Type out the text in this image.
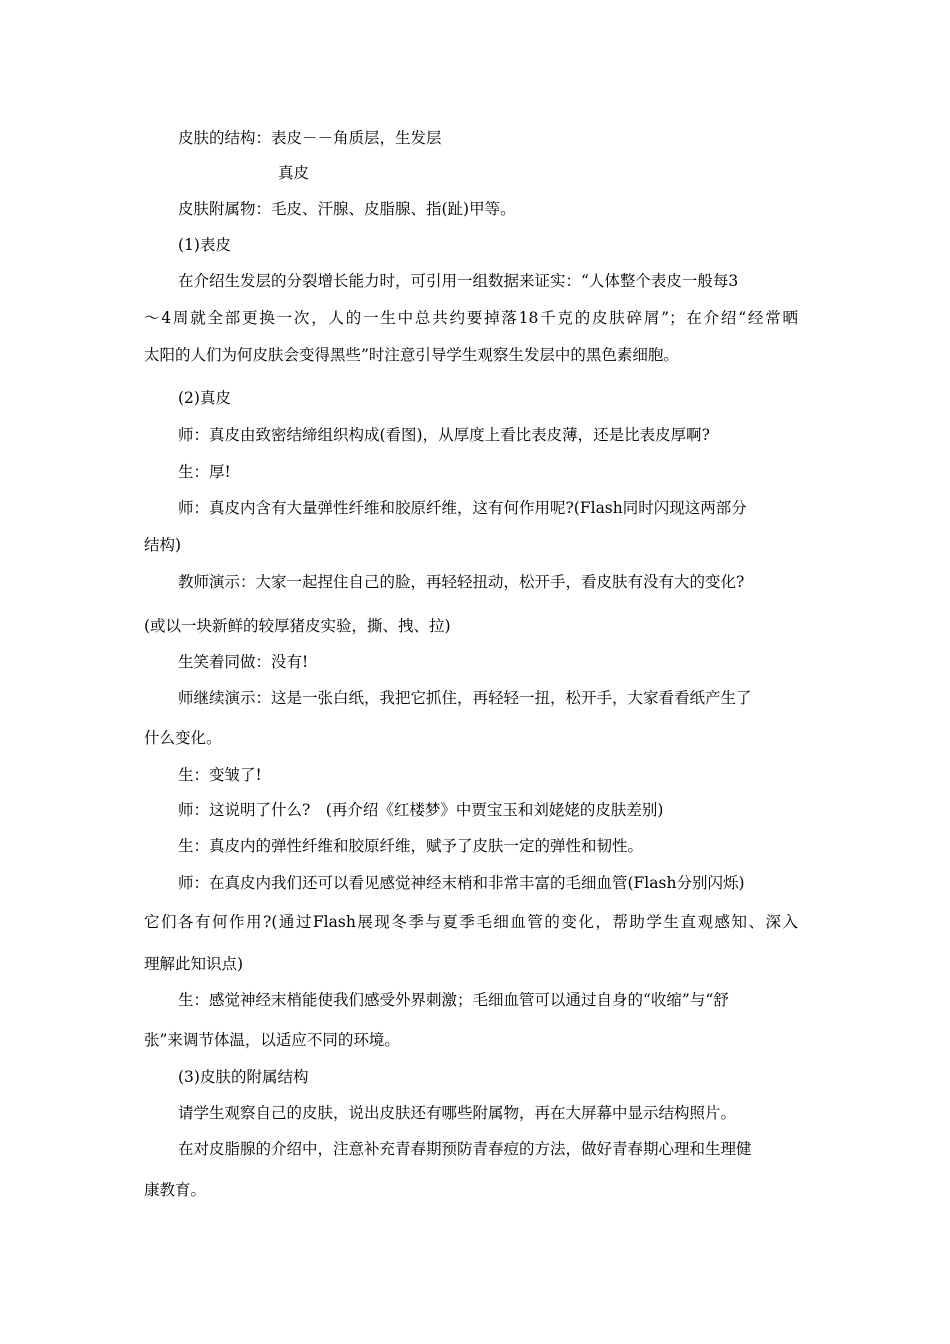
皮肤的结构：表皮－－角质层，生发层
真皮
皮肤附属物：毛皮、汗腺、皮脂腺、指(趾)甲等。
(1)表皮
在介绍生发层的分裂增长能力时，可引用一组数据来证实：“人体整个表皮一般每3
～4周就全部更换一次，人的一生中总共约要掉落18千克的皮肤碎屑”；在介绍“经常晒
太阳的人们为何皮肤会变得黑些”时注意引导学生观察生发层中的黑色素细胞。
(2)真皮
师：真皮由致密结缔组织构成(看图)，从厚度上看比表皮薄，还是比表皮厚啊?
生：厚!
师：真皮内含有大量弹性纤维和胶原纤维，这有何作用呢?(Flash同时闪现这两部分
结构)
教师演示：大家一起捏住自己的脸，再轻轻扭动，松开手，看皮肤有没有大的变化?
(或以一块新鲜的较厚猪皮实验，撕、拽、拉)
生笑着同做：没有!
师继续演示：这是一张白纸，我把它抓住，再轻轻一扭，松开手，大家看看纸产生了
什么变化。
生：变皱了!
师：这说明了什么?　(再介绍《红楼梦》中贾宝玉和刘姥姥的皮肤差别)
生：真皮内的弹性纤维和胶原纤维，赋予了皮肤一定的弹性和韧性。
师：在真皮内我们还可以看见感觉神经末梢和非常丰富的毛细血管(Flash分别闪烁)
它们各有何作用?(通过Flash展现冬季与夏季毛细血管的变化，帮助学生直观感知、深入
理解此知识点)
生：感觉神经末梢能使我们感受外界刺激；毛细血管可以通过自身的“收缩”与“舒
张”来调节体温，以适应不同的环境。
(3)皮肤的附属结构
请学生观察自己的皮肤，说出皮肤还有哪些附属物，再在大屏幕中显示结构照片。
在对皮脂腺的介绍中，注意补充青春期预防青春痘的方法，做好青春期心理和生理健
康教育。
